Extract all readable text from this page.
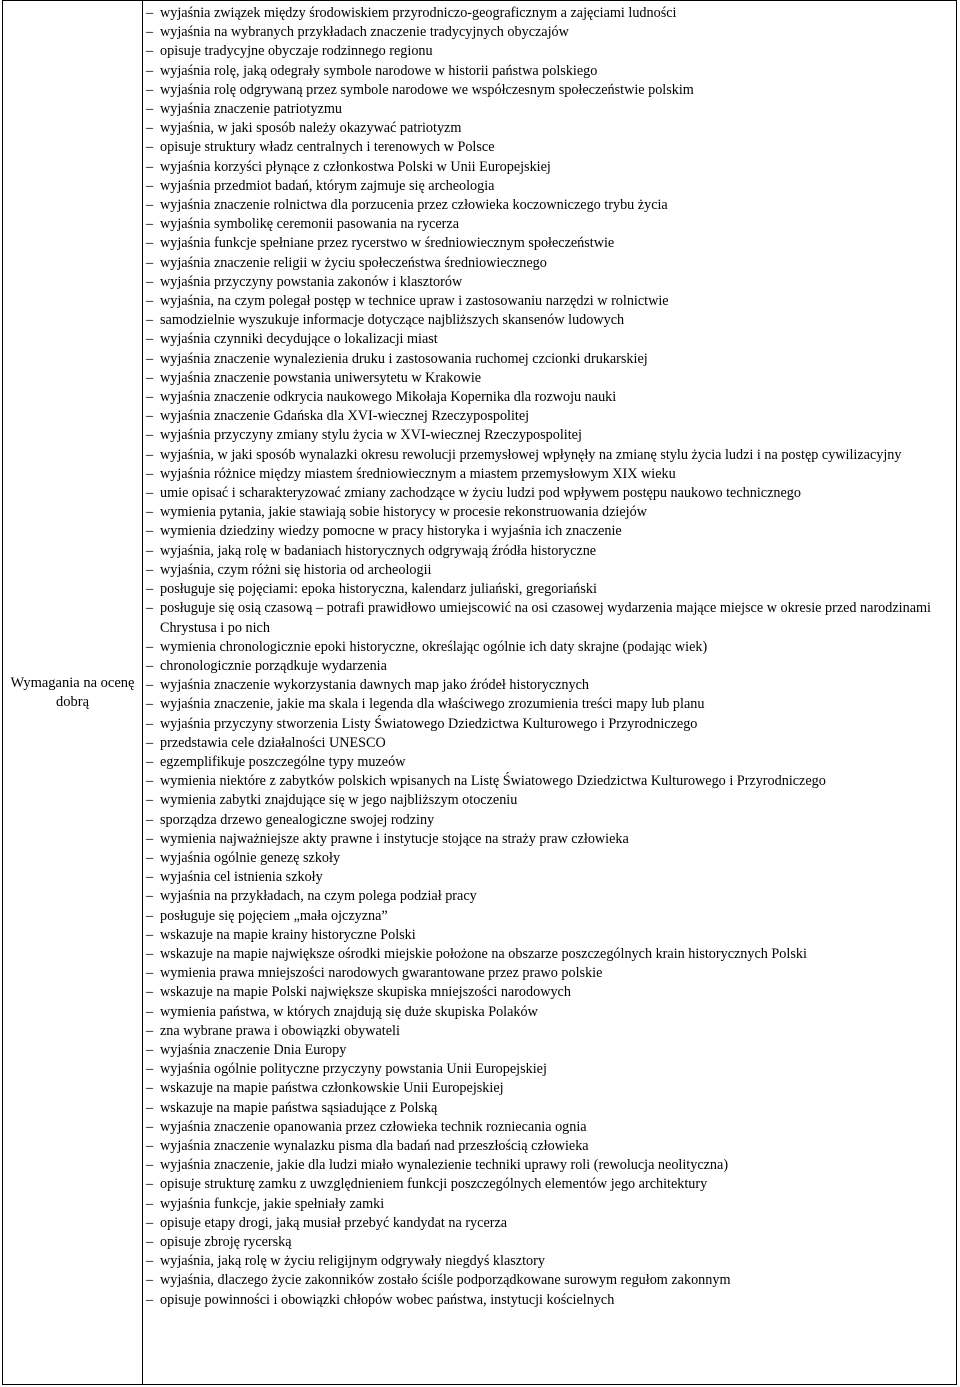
Wymagania na ocenę dobrą

– wyjaśnia związek między środowiskiem przyrodniczo-geograficznym a zajęciami ludności
– wyjaśnia na wybranych przykładach znaczenie tradycyjnych obyczajów
– opisuje tradycyjne obyczaje rodzinnego regionu
– wyjaśnia rolę, jaką odegrały symbole narodowe w historii państwa polskiego
– wyjaśnia rolę odgrywaną przez symbole narodowe we współczesnym społeczeństwie polskim
– wyjaśnia znaczenie patriotyzmu
– wyjaśnia, w jaki sposób należy okazywać patriotyzm
– opisuje struktury władz centralnych i terenowych w Polsce
– wyjaśnia korzyści płynące z członkostwa Polski w Unii Europejskiej
– wyjaśnia przedmiot badań, którym zajmuje się archeologia
– wyjaśnia znaczenie rolnictwa dla porzucenia przez człowieka koczowniczego trybu życia
– wyjaśnia symbolikę ceremonii pasowania na rycerza
– wyjaśnia funkcje spełniane przez rycerstwo w średniowiecznym społeczeństwie
– wyjaśnia znaczenie religii w życiu społeczeństwa średniowiecznego
– wyjaśnia przyczyny powstania zakonów i klasztorów
– wyjaśnia, na czym polegał postęp w technice upraw i zastosowaniu narzędzi w rolnictwie
– samodzielnie wyszukuje informacje dotyczące najbliższych skansenów ludowych
– wyjaśnia czynniki decydujące o lokalizacji miast
– wyjaśnia znaczenie wynalezienia druku i zastosowania ruchomej czcionki drukarskiej
– wyjaśnia znaczenie powstania uniwersytetu w Krakowie
– wyjaśnia znaczenie odkrycia naukowego Mikołaja Kopernika dla rozwoju nauki
– wyjaśnia znaczenie Gdańska dla XVI-wiecznej Rzeczypospolitej
– wyjaśnia przyczyny zmiany stylu życia w XVI-wiecznej Rzeczypospolitej
– wyjaśnia, w jaki sposób wynalazki okresu rewolucji przemysłowej wpłynęły na zmianę stylu życia ludzi i na postęp cywilizacyjny
– wyjaśnia różnice między miastem średniowiecznym a miastem przemysłowym XIX wieku
– umie opisać i scharakteryzować zmiany zachodzące w życiu ludzi pod wpływem postępu naukowo technicznego
– wymienia pytania, jakie stawiają sobie historycy w procesie rekonstruowania dziejów
– wymienia dziedziny wiedzy pomocne w pracy historyka i wyjaśnia ich znaczenie
– wyjaśnia, jaką rolę w badaniach historycznych odgrywają źródła historyczne
– wyjaśnia, czym różni się historia od archeologii
– posługuje się pojęciami: epoka historyczna, kalendarz juliański, gregoriański
– posługuje się osią czasową – potrafi prawidłowo umiejscowić na osi czasowej wydarzenia mające miejsce w okresie przed narodzinami Chrystusa i po nich
– wymienia chronologicznie epoki historyczne, określając ogólnie ich daty skrajne (podając wiek)
– chronologicznie porządkuje wydarzenia
– wyjaśnia znaczenie wykorzystania dawnych map jako źródeł historycznych
– wyjaśnia znaczenie, jakie ma skala i legenda dla właściwego zrozumienia treści mapy lub planu
– wyjaśnia przyczyny stworzenia Listy Światowego Dziedzictwa Kulturowego i Przyrodniczego
– przedstawia cele działalności UNESCO
– egzemplifikuje poszczególne typy muzeów
– wymienia niektóre z zabytków polskich wpisanych na Listę Światowego Dziedzictwa Kulturowego i Przyrodniczego
– wymienia zabytki znajdujące się w jego najbliższym otoczeniu
– sporządza drzewo genealogiczne swojej rodziny
– wymienia najważniejsze akty prawne i instytucje stojące na straży praw człowieka
– wyjaśnia ogólnie genezę szkoły
– wyjaśnia cel istnienia szkoły
– wyjaśnia na przykładach, na czym polega podział pracy
– posługuje się pojęciem „mała ojczyzna”
– wskazuje na mapie krainy historyczne Polski
– wskazuje na mapie największe ośrodki miejskie położone na obszarze poszczególnych krain historycznych Polski
– wymienia prawa mniejszości narodowych gwarantowane przez prawo polskie
– wskazuje na mapie Polski największe skupiska mniejszości narodowych
– wymienia państwa, w których znajdują się duże skupiska Polaków
– zna wybrane prawa i obowiązki obywateli
– wyjaśnia znaczenie Dnia Europy
– wyjaśnia ogólnie polityczne przyczyny powstania Unii Europejskiej
– wskazuje na mapie państwa członkowskie Unii Europejskiej
– wskazuje na mapie państwa sąsiadujące z Polską
– wyjaśnia znaczenie opanowania przez człowieka technik rozniecania ognia
– wyjaśnia znaczenie wynalazku pisma dla badań nad przeszłością człowieka
– wyjaśnia znaczenie, jakie dla ludzi miało wynalezienie techniki uprawy roli (rewolucja neolityczna)
– opisuje strukturę zamku z uwzględnieniem funkcji poszczególnych elementów jego architektury
– wyjaśnia funkcje, jakie spełniały zamki
– opisuje etapy drogi, jaką musiał przebyć kandydat na rycerza
– opisuje zbroję rycerską
– wyjaśnia, jaką rolę w życiu religijnym odgrywały niegdyś klasztory
– wyjaśnia, dlaczego życie zakonników zostało ściśle podporządkowane surowym regułom zakonnym
– opisuje powinności i obowiązki chłopów wobec państwa, instytucji kościelnych
